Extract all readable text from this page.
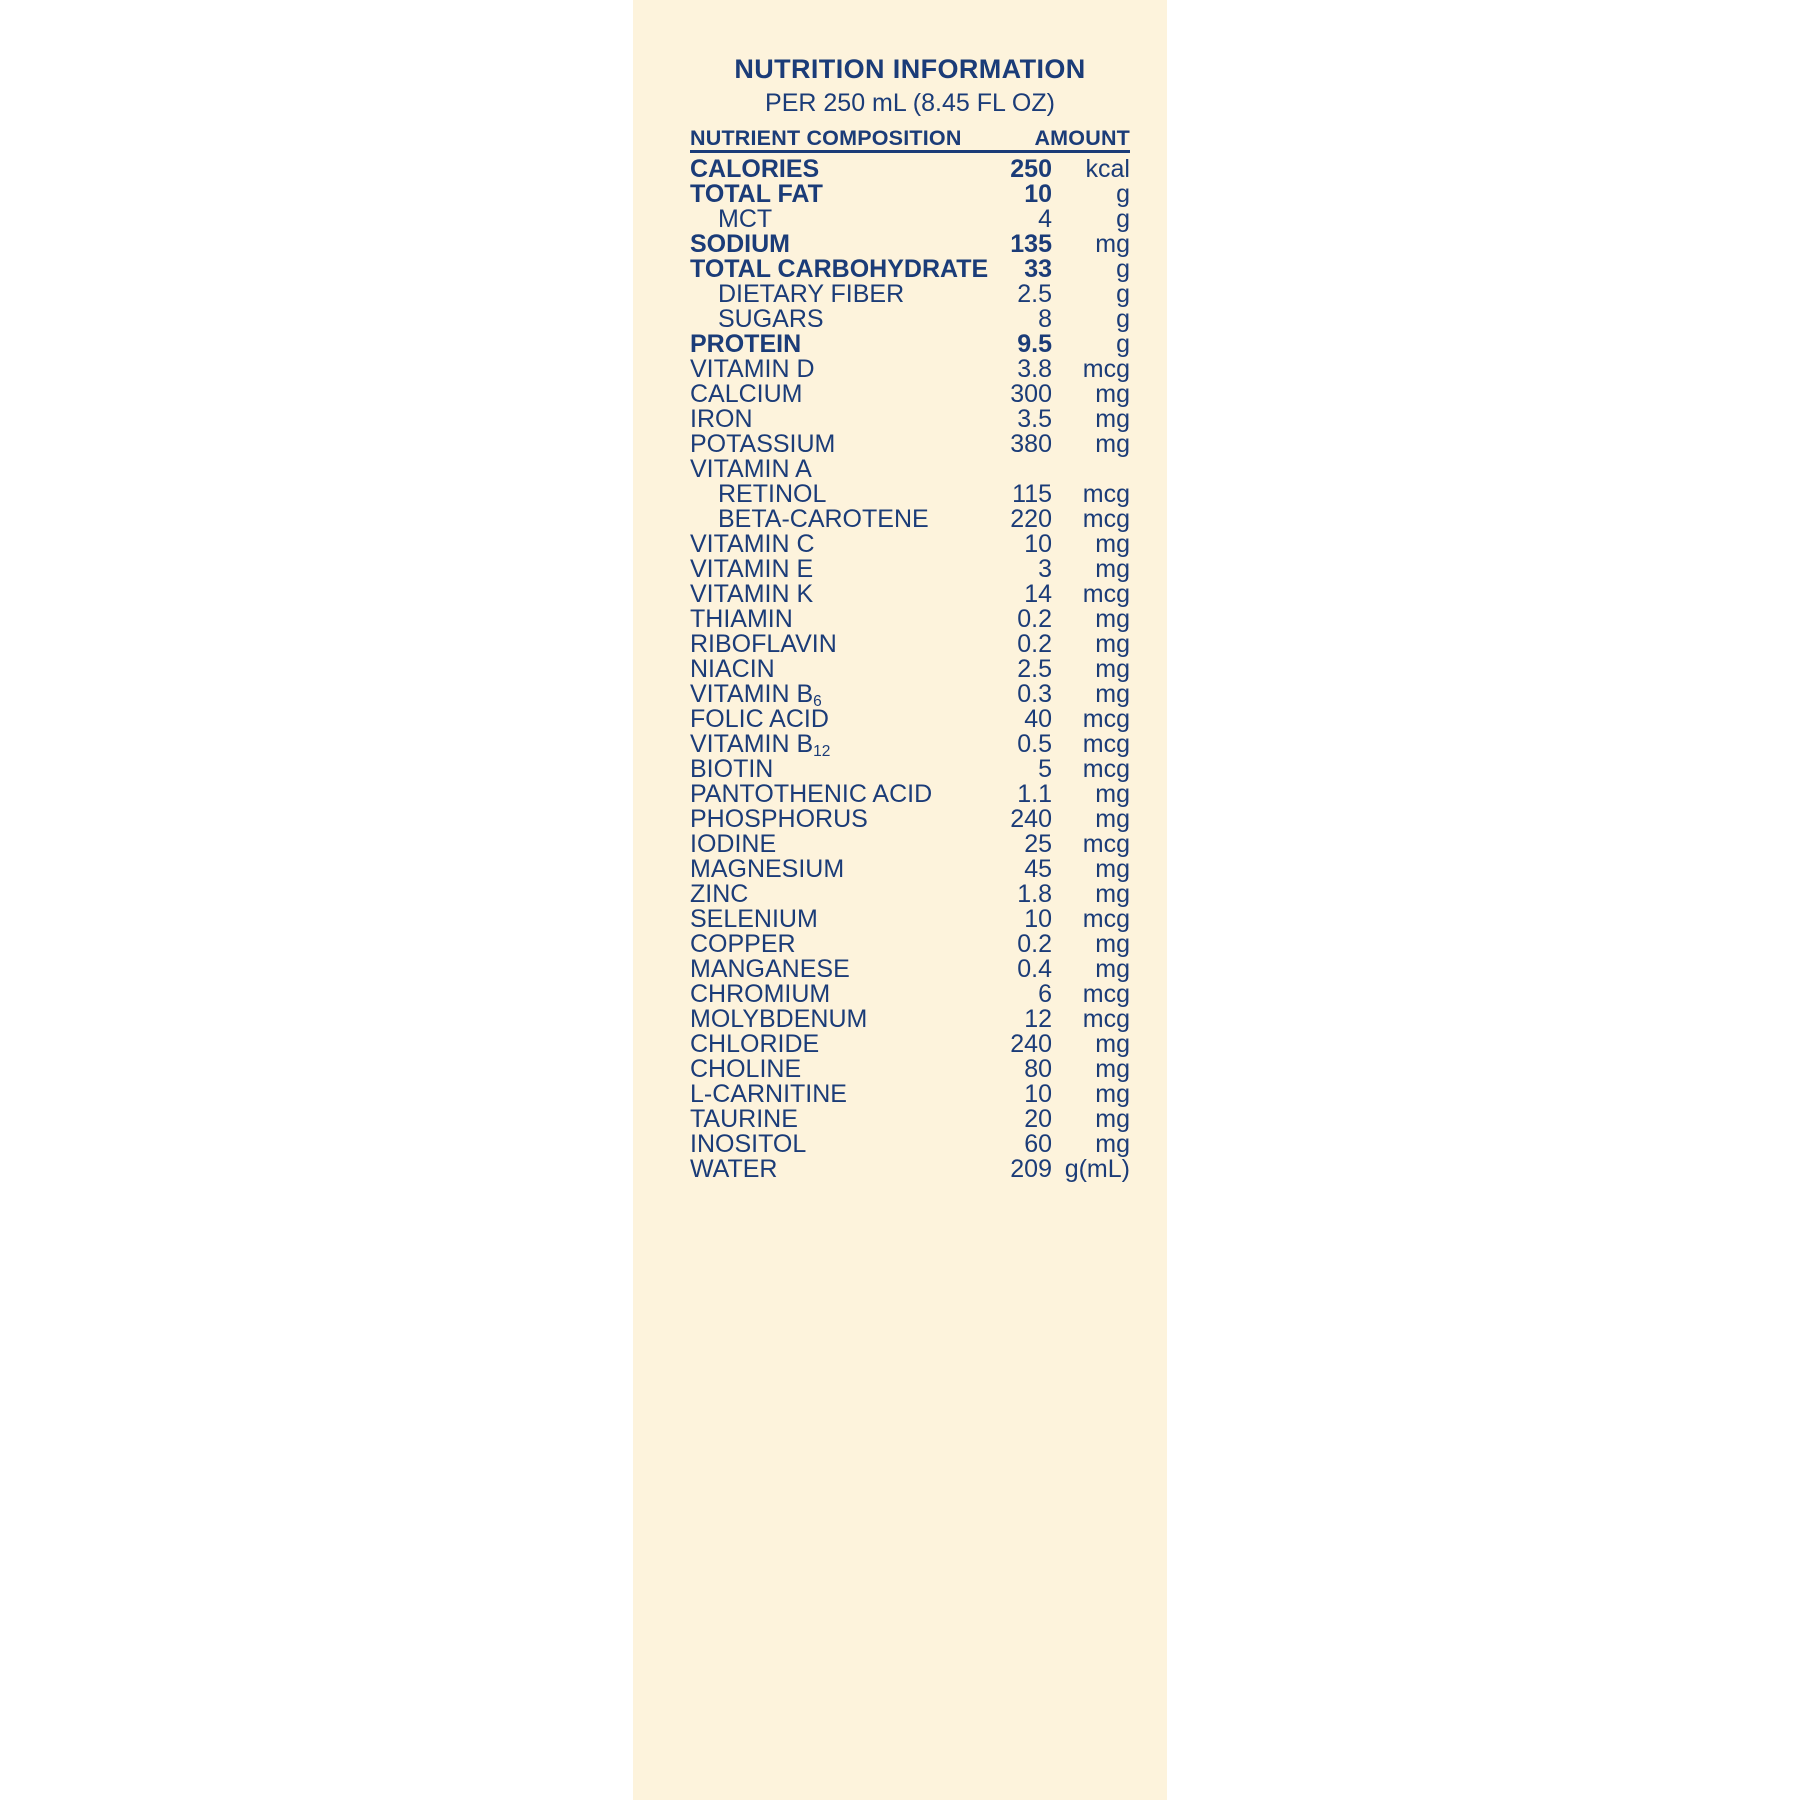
NUTRITION INFORMATION
PER 250 mL (8.45 FL OZ)
NUTRIENT COMPOSITION	AMOUNT	

CALORIES	250	kcal
TOTAL FAT	10	g
MCT	4	g
SODIUM	135	mg
TOTAL CARBOHYDRATE	33	g
DIETARY FIBER	2.5	g
SUGARS	8	g
PROTEIN	9.5	g
VITAMIN D	3.8	mcg
CALCIUM	300	mg
IRON	3.5	mg
POTASSIUM	380	mg
VITAMIN A		
RETINOL	115	mcg
BETA-CAROTENE	220	mcg
VITAMIN C	10	mg
VITAMIN E	3	mg
VITAMIN K	14	mcg
THIAMIN	0.2	mg
RIBOFLAVIN	0.2	mg
NIACIN	2.5	mg
VITAMIN $B_6$	0.3	mg
FOLIC ACID	40	mcg
VITAMIN $B_{12}$	0.5	mcg
BIOTIN	5	mcg
PANTOTHENIC ACID	1.1	mg
PHOSPHORUS	240	mg
IODINE	25	mcg
MAGNESIUM	45	mg
ZINC	1.8	mg
SELENIUM	10	mcg
COPPER	0.2	mg
MANGANESE	0.4	mg
CHROMIUM	6	mcg
MOLYBDENUM	12	mcg
CHLORIDE	240	mg
CHOLINE	80	mg
L-CARNITINE	10	mg
TAURINE	20	mg
INOSITOL	60	mg
WATER	209	g(mL)
